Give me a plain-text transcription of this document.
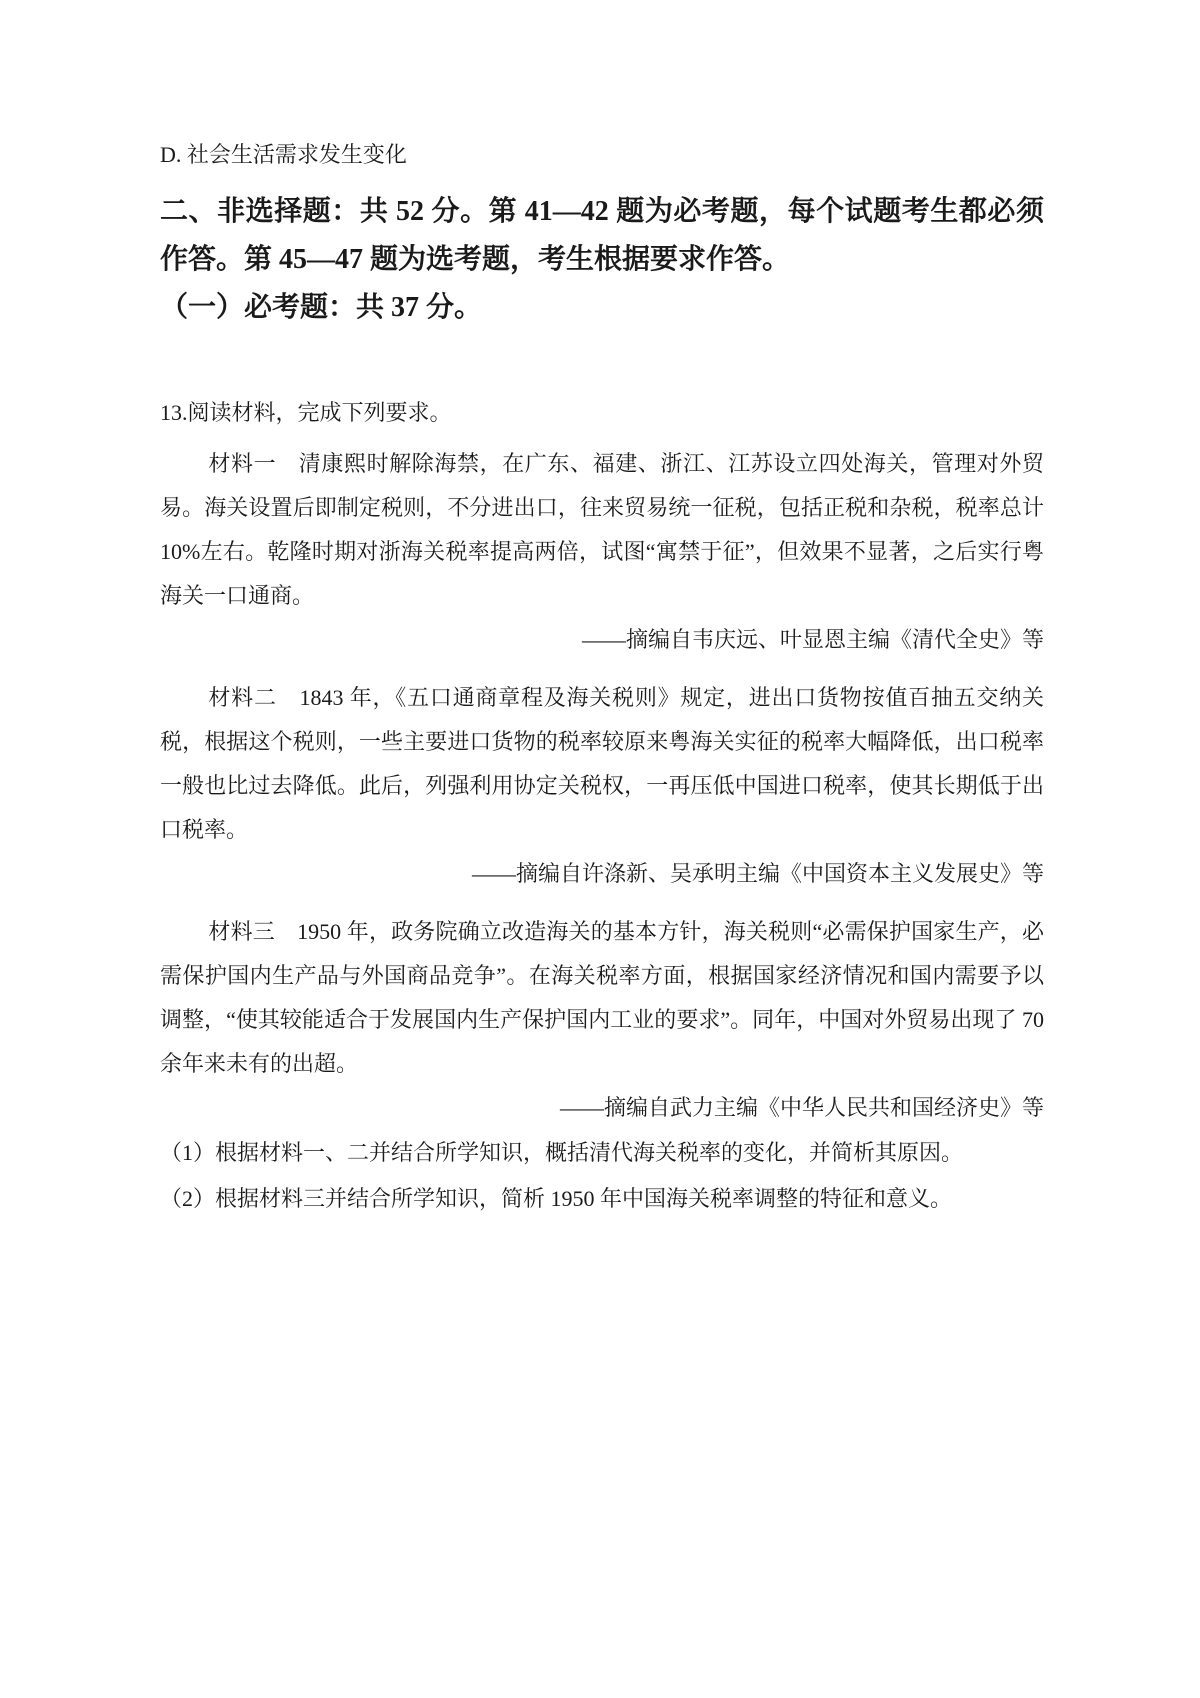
D. 社会生活需求发生变化

二、非选择题：共 52 分。第 41—42 题为必考题，每个试题考生都必须作答。第 45—47 题为选考题，考生根据要求作答。
（一）必考题：共 37 分。

13.阅读材料，完成下列要求。

材料一　清康熙时解除海禁，在广东、福建、浙江、江苏设立四处海关，管理对外贸易。海关设置后即制定税则，不分进出口，往来贸易统一征税，包括正税和杂税，税率总计10%左右。乾隆时期对浙海关税率提高两倍，试图“寓禁于征”，但效果不显著，之后实行粤海关一口通商。

——摘编自韦庆远、叶显恩主编《清代全史》等

材料二　1843 年，《五口通商章程及海关税则》规定，进出口货物按值百抽五交纳关税，根据这个税则，一些主要进口货物的税率较原来粤海关实征的税率大幅降低，出口税率一般也比过去降低。此后，列强利用协定关税权，一再压低中国进口税率，使其长期低于出口税率。

——摘编自许涤新、吴承明主编《中国资本主义发展史》等

材料三　1950 年，政务院确立改造海关的基本方针，海关税则“必需保护国家生产，必需保护国内生产品与外国商品竞争”。在海关税率方面，根据国家经济情况和国内需要予以调整，“使其较能适合于发展国内生产保护国内工业的要求”。同年，中国对外贸易出现了 70 余年来未有的出超。

——摘编自武力主编《中华人民共和国经济史》等

（1）根据材料一、二并结合所学知识，概括清代海关税率的变化，并简析其原因。

（2）根据材料三并结合所学知识，简析 1950 年中国海关税率调整的特征和意义。
